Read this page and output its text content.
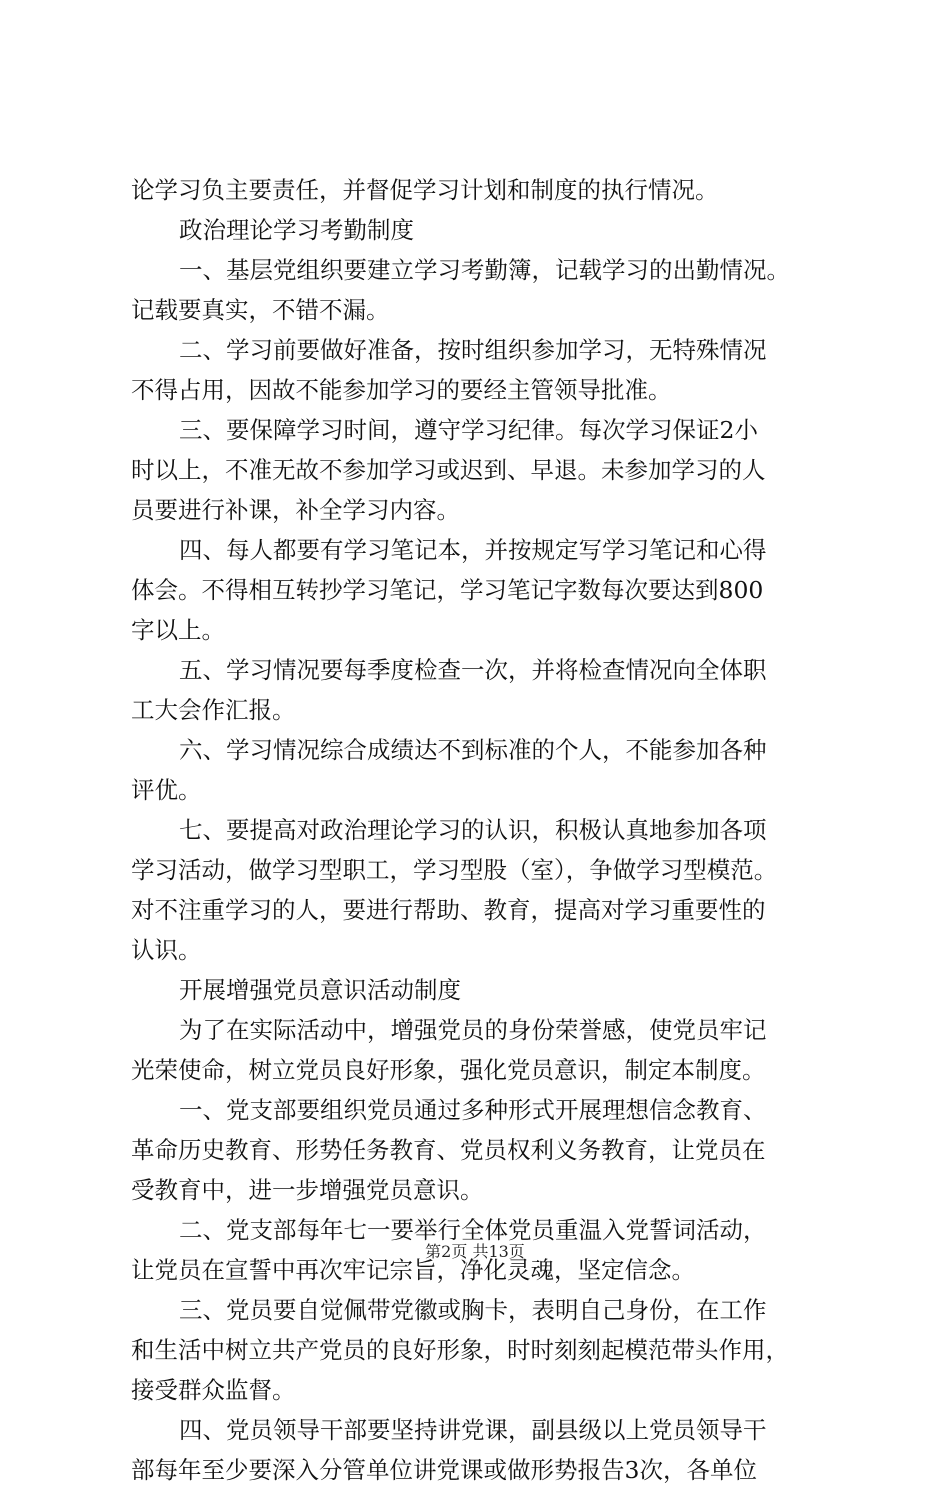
论学习负主要责任，并督促学习计划和制度的执行情况。
政治理论学习考勤制度
一、基层党组织要建立学习考勤簿，记载学习的出勤情况。
记载要真实，不错不漏。
二、学习前要做好准备，按时组织参加学习，无特殊情况
不得占用，因故不能参加学习的要经主管领导批准。
三、要保障学习时间，遵守学习纪律。每次学习保证2小
时以上，不准无故不参加学习或迟到、早退。未参加学习的人
员要进行补课，补全学习内容。
四、每人都要有学习笔记本，并按规定写学习笔记和心得
体会。不得相互转抄学习笔记，学习笔记字数每次要达到800
字以上。
五、学习情况要每季度检查一次，并将检查情况向全体职
工大会作汇报。
六、学习情况综合成绩达不到标准的个人，不能参加各种
评优。
七、要提高对政治理论学习的认识，积极认真地参加各项
学习活动，做学习型职工，学习型股（室），争做学习型模范。
对不注重学习的人，要进行帮助、教育，提高对学习重要性的
认识。
开展增强党员意识活动制度
为了在实际活动中，增强党员的身份荣誉感，使党员牢记
光荣使命，树立党员良好形象，强化党员意识，制定本制度。
一、党支部要组织党员通过多种形式开展理想信念教育、
革命历史教育、形势任务教育、党员权利义务教育，让党员在
受教育中，进一步增强党员意识。
二、党支部每年七一要举行全体党员重温入党誓词活动，
让党员在宣誓中再次牢记宗旨，净化灵魂，坚定信念。
三、党员要自觉佩带党徽或胸卡，表明自己身份，在工作
和生活中树立共产党员的良好形象，时时刻刻起模范带头作用，
接受群众监督。
四、党员领导干部要坚持讲党课，副县级以上党员领导干
部每年至少要深入分管单位讲党课或做形势报告3次，各单位
第2页 共13页
